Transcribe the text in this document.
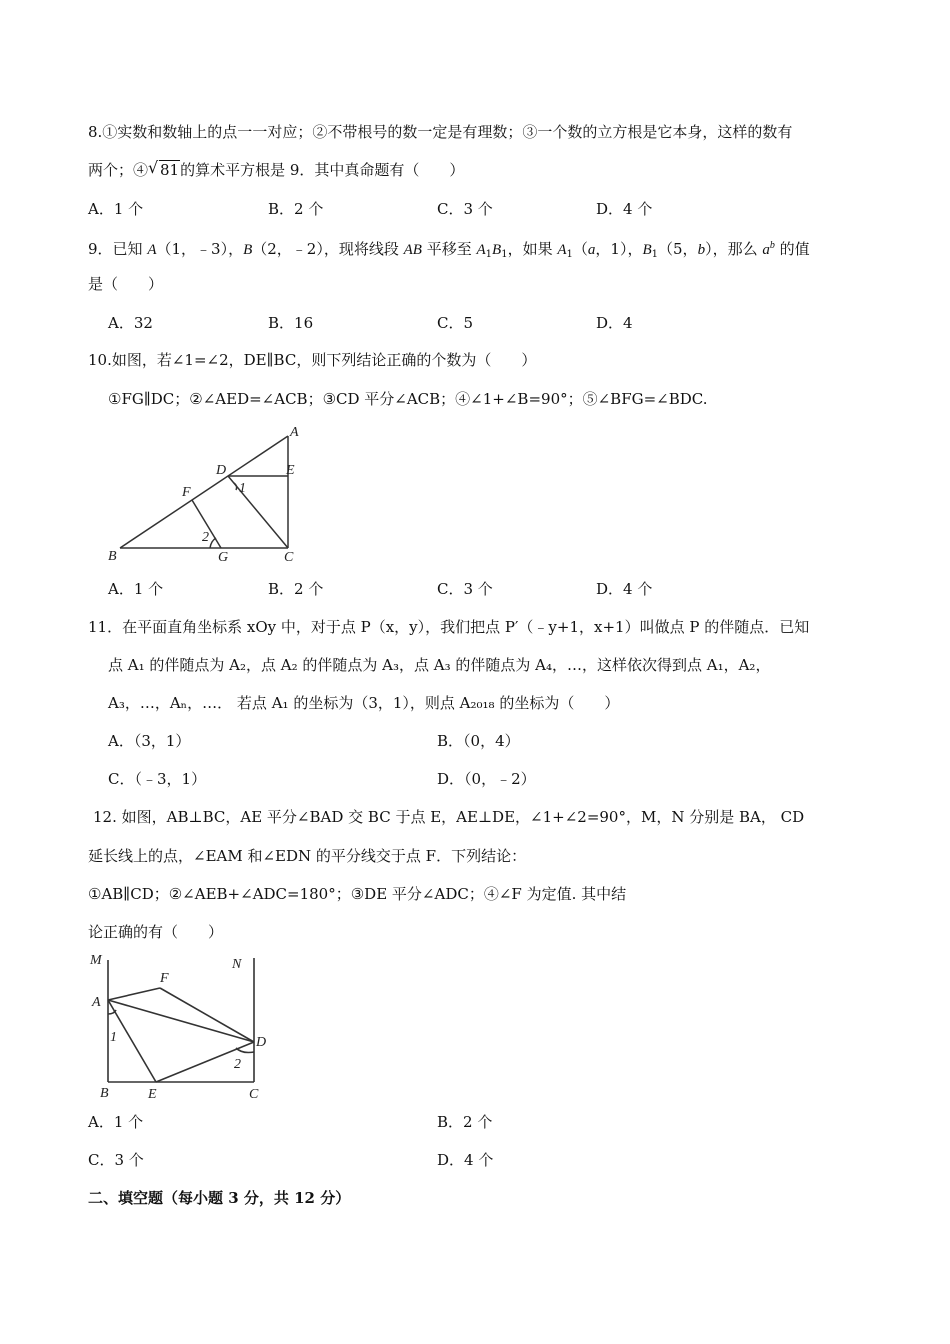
8.①实数和数轴上的点一一对应；②不带根号的数一定是有理数；③一个数的立方根是它本身，这样的数有
两个；④ √ 81的算术平方根是 9．其中真命题有（　　）
A．1 个	B．2 个	C．3 个	D．4 个
9．已知 A（1，﹣3），B（2，﹣2），现将线段 AB 平移至 $A_1B_1$，如果 $A_1(a$，1），$B_1(5$，b），那么 $a^b$ 的值
是（　　）
A．32	B．16	C．5	D．4
10.如图，若∠1=∠2，DE∥BC，则下列结论正确的个数为（　　）
①FG∥DC；②∠AED=∠ACB；③CD 平分∠ACB；④∠1+∠B=90°；⑤∠BFG=∠BDC.
A
D	E
F	1
2
B	G	C
A．1 个	B．2 个	C．3 个	D．4 个
11．在平面直角坐标系 xOy 中，对于点 P（x，y），我们把点 P′（﹣y+1，x+1）叫做点 P 的伴随点．已知
点 A₁ 的伴随点为 A₂，点 A₂ 的伴随点为 A₃，点 A₃ 的伴随点为 A₄，…，这样依次得到点 A₁，A₂，
A₃，…，Aₙ，…． 若点 A₁ 的坐标为（3，1），则点 A₂₀₁₈ 的坐标为（　　）
A．（3，1）	B．（0，4）
C．（﹣3，1）	D．（0，﹣2）
12. 如图，AB⊥BC，AE 平分∠BAD 交 BC 于点 E，AE⊥DE，∠1+∠2=90°，M，N 分别是 BA， CD
延长线上的点，∠EAM 和∠EDN 的平分线交于点 F．下列结论：
①AB∥CD；②∠AEB+∠ADC=180°；③DE 平分∠ADC；④∠F 为定值. 其中结
论正确的有（　　）
M	N
F
A
1	D
2
B	E	C
A．1 个	B．2 个
C．3 个	D．4 个
二、填空题（每小题 3 分，共 12 分）
